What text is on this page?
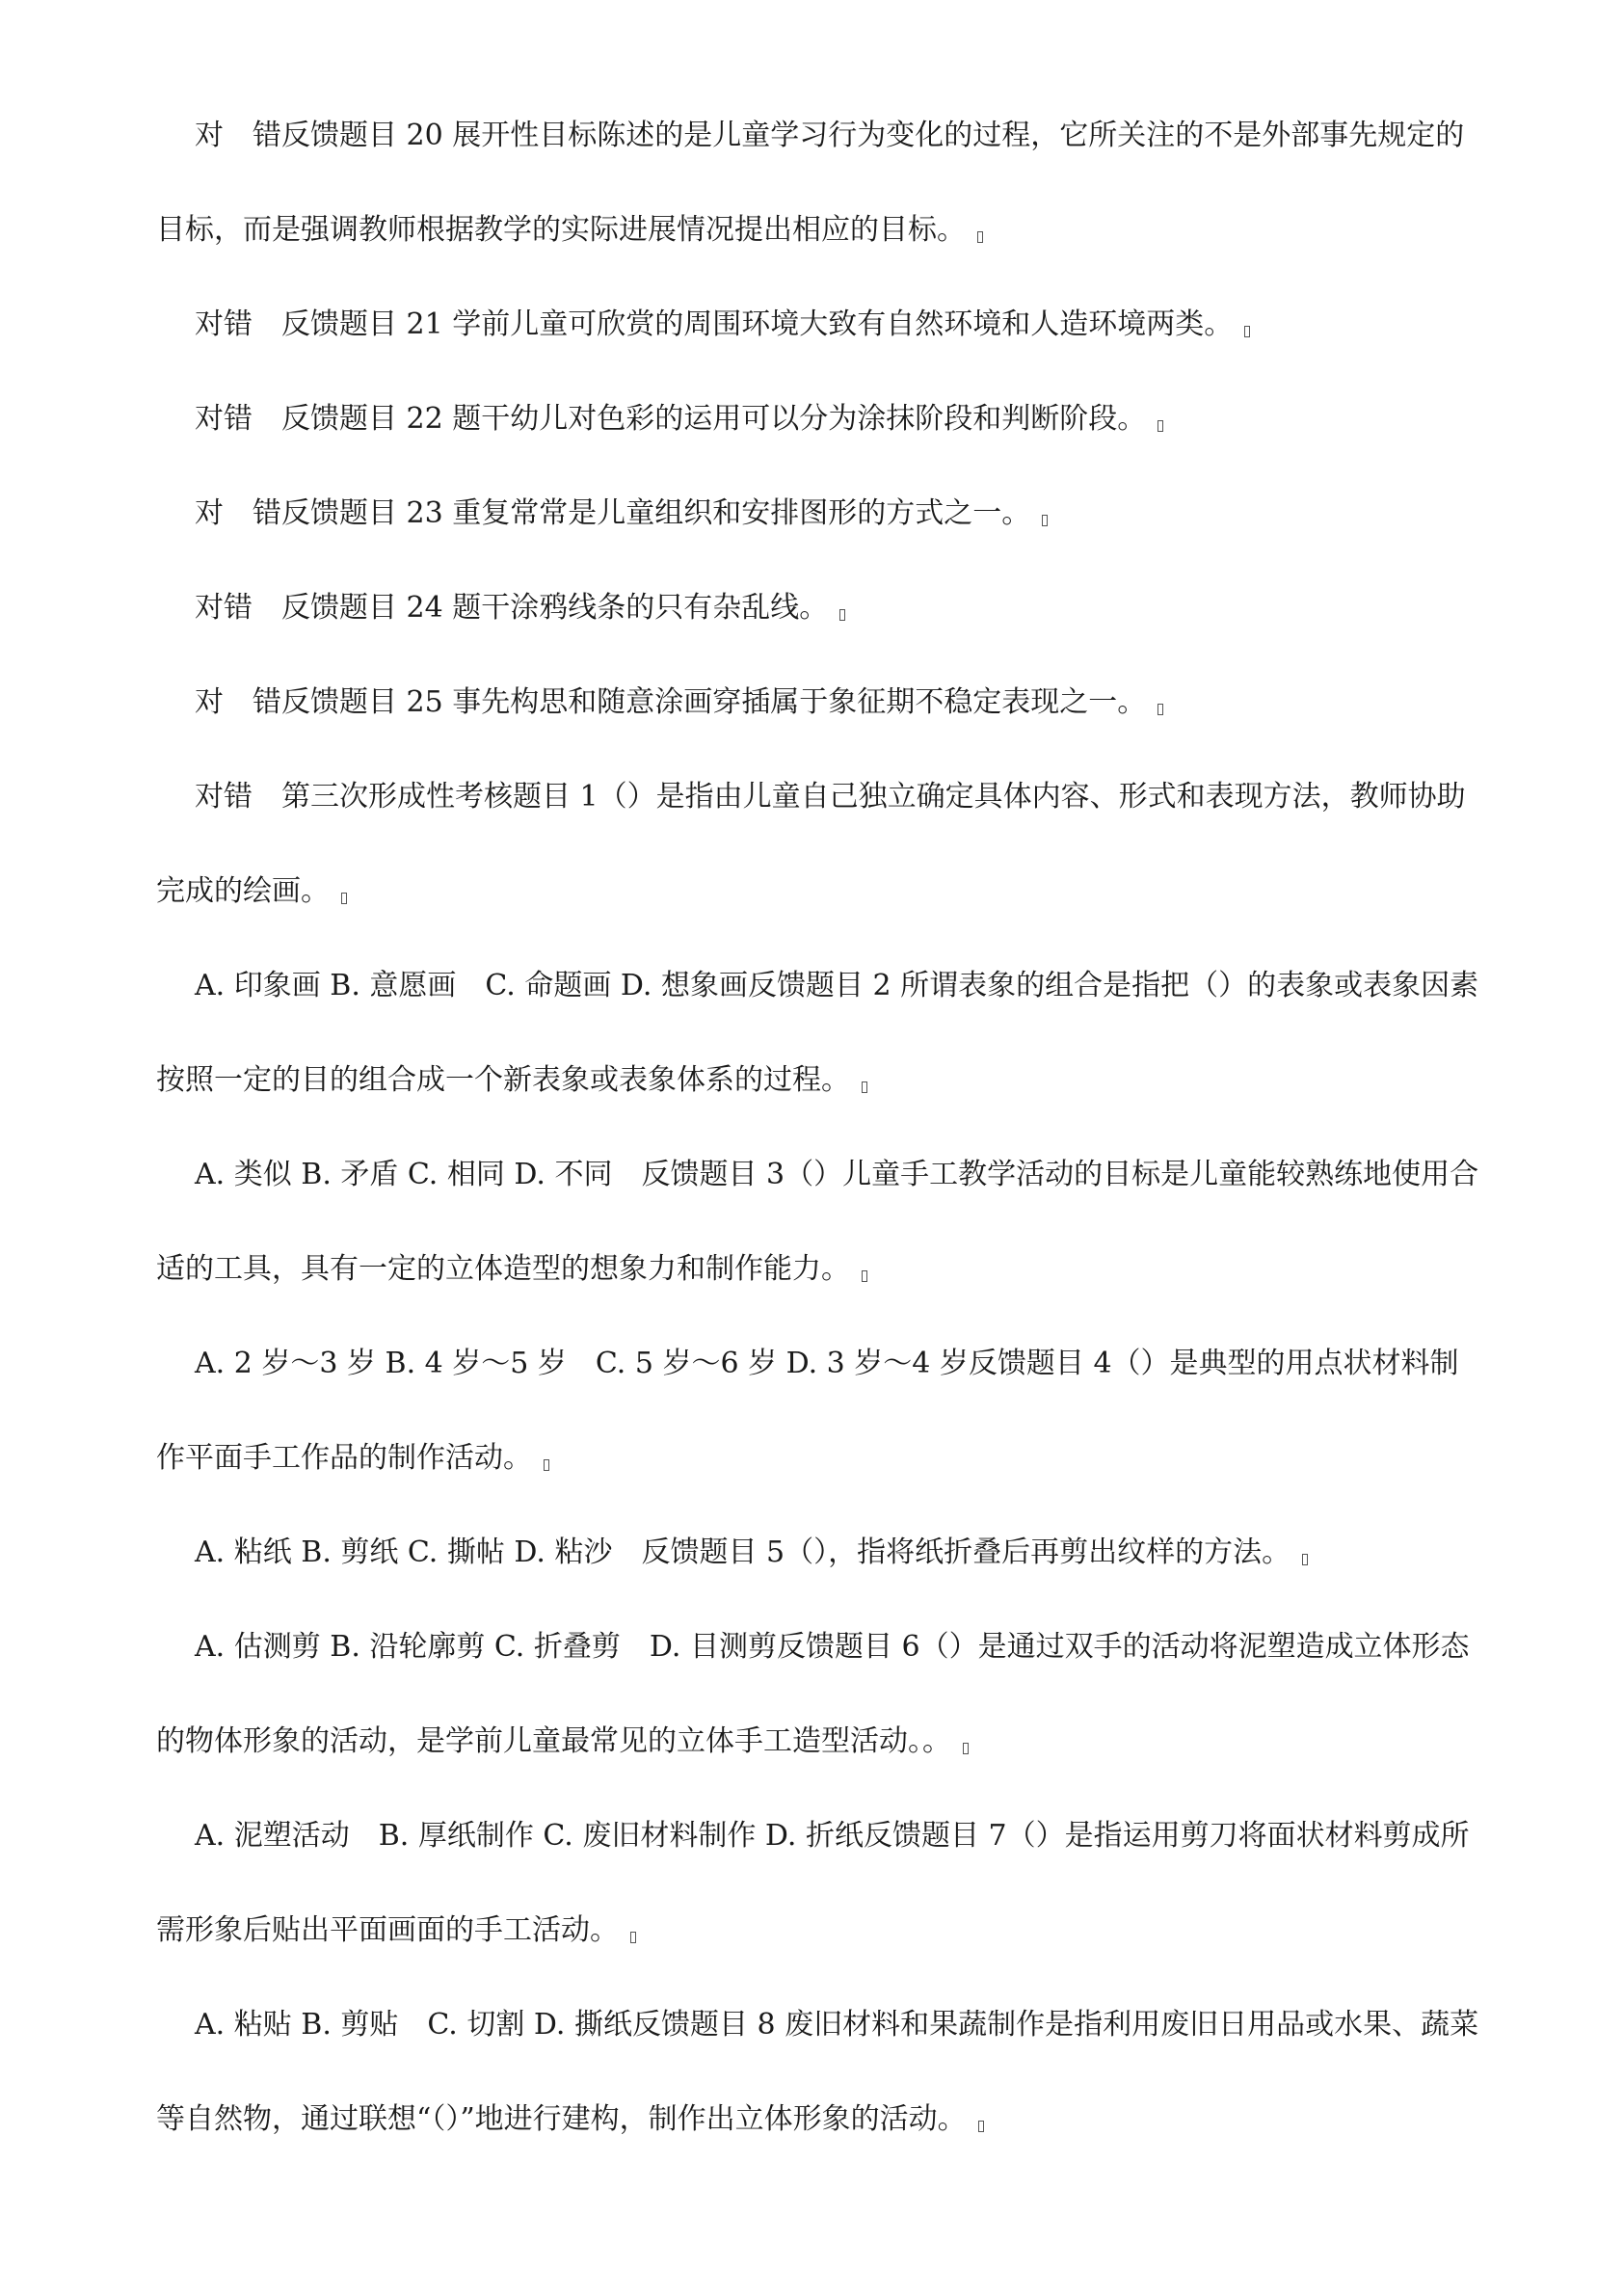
对　错反馈题目 20 展开性目标陈述的是儿童学习行为变化的过程，它所关注的不是外部事先规定的目标，而是强调教师根据教学的实际进展情况提出相应的目标。

对错　反馈题目 21 学前儿童可欣赏的周围环境大致有自然环境和人造环境两类。

对错　反馈题目 22 题干幼儿对色彩的运用可以分为涂抹阶段和判断阶段。

对　错反馈题目 23 重复常常是儿童组织和安排图形的方式之一。

对错　反馈题目 24 题干涂鸦线条的只有杂乱线。

对　错反馈题目 25 事先构思和随意涂画穿插属于象征期不稳定表现之一。

对错　第三次形成性考核题目 1（）是指由儿童自己独立确定具体内容、形式和表现方法，教师协助完成的绘画。

A. 印象画 B. 意愿画　C. 命题画 D. 想象画反馈题目 2 所谓表象的组合是指把（）的表象或表象因素按照一定的目的组合成一个新表象或表象体系的过程。

A. 类似 B. 矛盾 C. 相同 D. 不同　反馈题目 3（）儿童手工教学活动的目标是儿童能较熟练地使用合适的工具，具有一定的立体造型的想象力和制作能力。

A. 2 岁～3 岁 B. 4 岁～5 岁　C. 5 岁～6 岁 D. 3 岁～4 岁反馈题目 4（）是典型的用点状材料制作平面手工作品的制作活动。

A. 粘纸 B. 剪纸 C. 撕帖 D. 粘沙　反馈题目 5（），指将纸折叠后再剪出纹样的方法。

A. 估测剪 B. 沿轮廓剪 C. 折叠剪　D. 目测剪反馈题目 6（）是通过双手的活动将泥塑造成立体形态的物体形象的活动，是学前儿童最常见的立体手工造型活动。。

A. 泥塑活动　B. 厚纸制作 C. 废旧材料制作 D. 折纸反馈题目 7（）是指运用剪刀将面状材料剪成所需形象后贴出平面画面的手工活动。

A. 粘贴 B. 剪贴　C. 切割 D. 撕纸反馈题目 8 废旧材料和果蔬制作是指利用废旧日用品或水果、蔬菜等自然物，通过联想“（）”地进行建构，制作出立体形象的活动。
